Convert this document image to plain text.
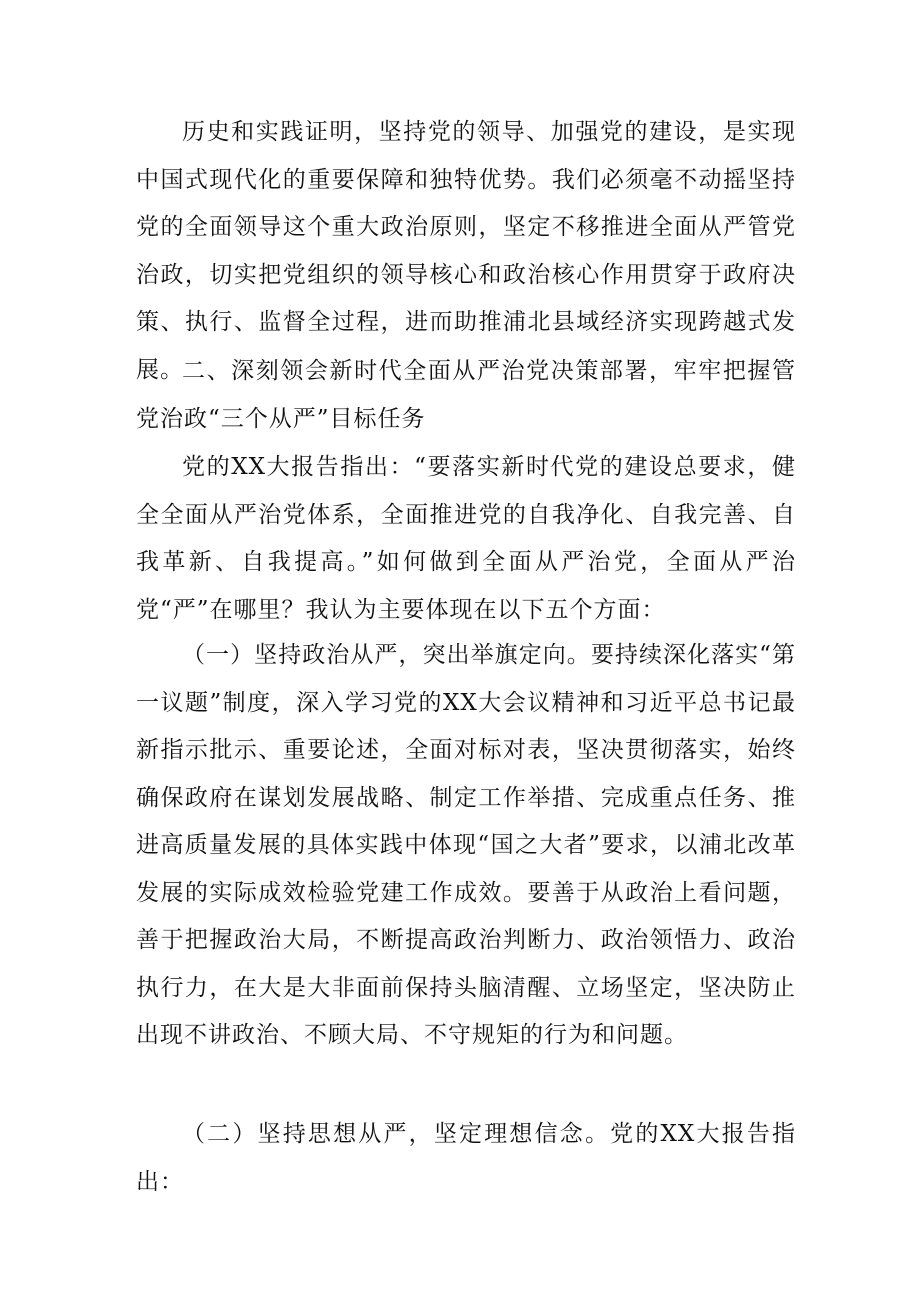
历史和实践证明，坚持党的领导、加强党的建设，是实现中国式现代化的重要保障和独特优势。我们必须毫不动摇坚持党的全面领导这个重大政治原则，坚定不移推进全面从严管党治政，切实把党组织的领导核心和政治核心作用贯穿于政府决策、执行、监督全过程，进而助推浦北县域经济实现跨越式发展。

二、深刻领会新时代全面从严治党决策部署，牢牢把握管党治政“三个从严”目标任务

党的XX大报告指出：“要落实新时代党的建设总要求，健全全面从严治党体系，全面推进党的自我净化、自我完善、自我革新、自我提高。”如何做到全面从严治党，全面从严治党“严”在哪里？我认为主要体现在以下五个方面：

（一）坚持政治从严，突出举旗定向。要持续深化落实“第一议题”制度，深入学习党的XX大会议精神和习近平总书记最新指示批示、重要论述，全面对标对表，坚决贯彻落实，始终确保政府在谋划发展战略、制定工作举措、完成重点任务、推进高质量发展的具体实践中体现“国之大者”要求，以浦北改革发展的实际成效检验党建工作成效。要善于从政治上看问题，善于把握政治大局，不断提高政治判断力、政治领悟力、政治执行力，在大是大非面前保持头脑清醒、立场坚定，坚决防止出现不讲政治、不顾大局、不守规矩的行为和问题。

（二）坚持思想从严，坚定理想信念。党的XX大报告指出：
